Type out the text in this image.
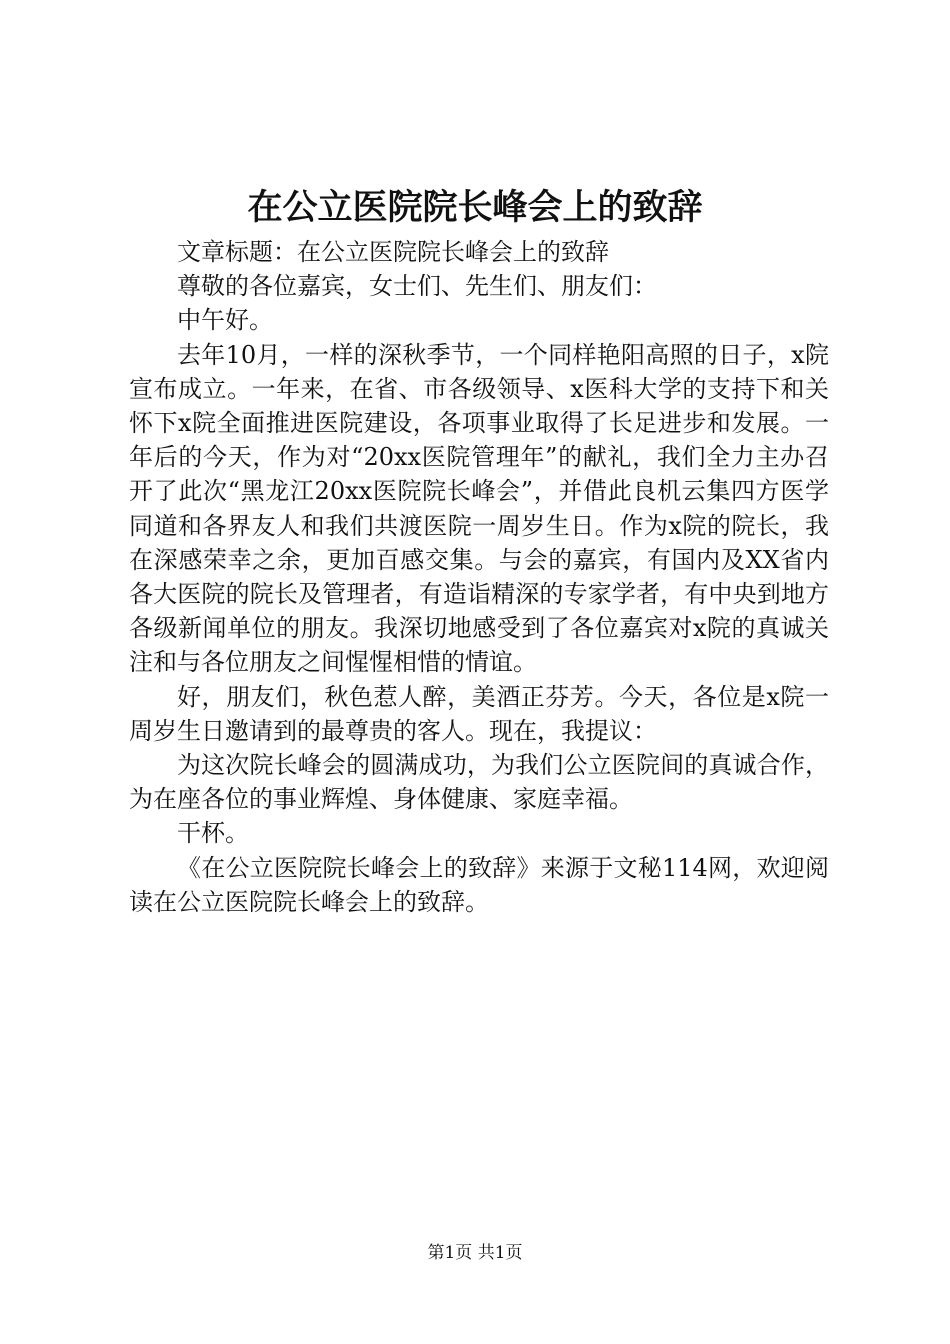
在公立医院院长峰会上的致辞

文章标题：在公立医院院长峰会上的致辞

尊敬的各位嘉宾，女士们、先生们、朋友们：

中午好。

去年10月，一样的深秋季节，一个同样艳阳高照的日子，x院宣布成立。一年来，在省、市各级领导、x医科大学的支持下和关怀下x院全面推进医院建设，各项事业取得了长足进步和发展。一年后的今天，作为对“20xx医院管理年”的献礼，我们全力主办召开了此次“黑龙江20xx医院院长峰会”，并借此良机云集四方医学同道和各界友人和我们共渡医院一周岁生日。作为x院的院长，我在深感荣幸之余，更加百感交集。与会的嘉宾，有国内及XX省内各大医院的院长及管理者，有造诣精深的专家学者，有中央到地方各级新闻单位的朋友。我深切地感受到了各位嘉宾对x院的真诚关注和与各位朋友之间惺惺相惜的情谊。

好，朋友们，秋色惹人醉，美酒正芬芳。今天，各位是x院一周岁生日邀请到的最尊贵的客人。现在，我提议：

为这次院长峰会的圆满成功，为我们公立医院间的真诚合作，为在座各位的事业辉煌、身体健康、家庭幸福。

干杯。

《在公立医院院长峰会上的致辞》来源于文秘114网，欢迎阅读在公立医院院长峰会上的致辞。

第1页 共1页
